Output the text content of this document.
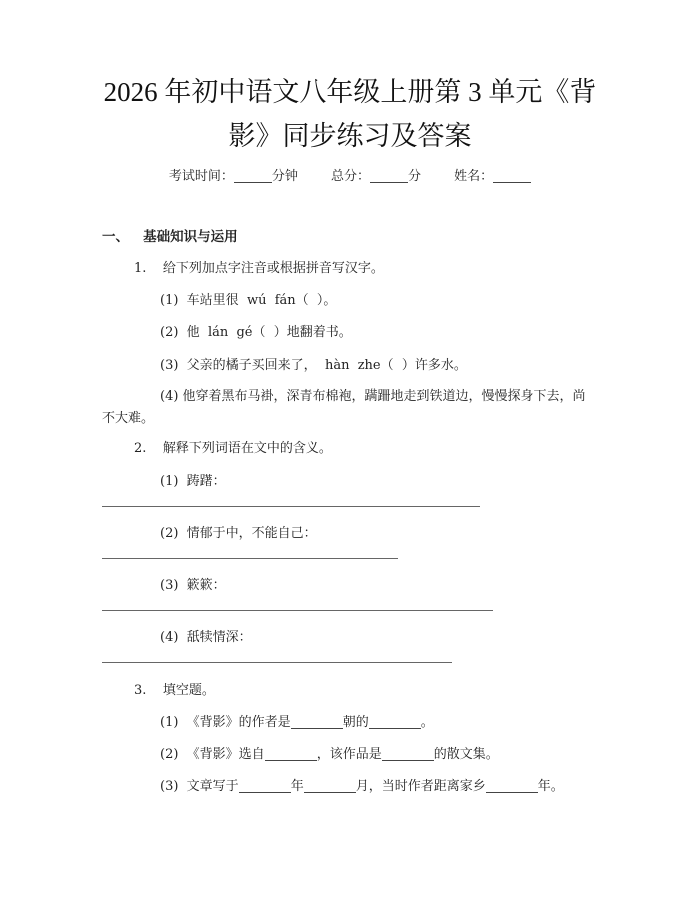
2026 年初中语文八年级上册第 3 单元《背
影》同步练习及答案
考试时间：	分钟	总分：	分	姓名：
一、   基础知识与运用
1.    给下列加点字注音或根据拼音写汉字。
(1)  车站里很  wú  fán（  ）。
(2)  他  lán  gé（  ）地翻着书。
(3)  父亲的橘子买回来了，  hàn  zhe（  ）许多水。
(4) 他穿着黑布马褂，深青布棉袍，蹒跚地走到铁道边，慢慢探身下去，尚不大难。
2.    解释下列词语在文中的含义。
(1)  踌躇：
(2)  情郁于中，不能自己：
(3)  簌簌：
(4)  舐犊情深：
3.    填空题。
(1)  《背影》的作者是	朝的	。
(2)  《背影》选自	，该作品是	的散文集。
(3)  文章写于	年	月，当时作者距离家乡	年。
